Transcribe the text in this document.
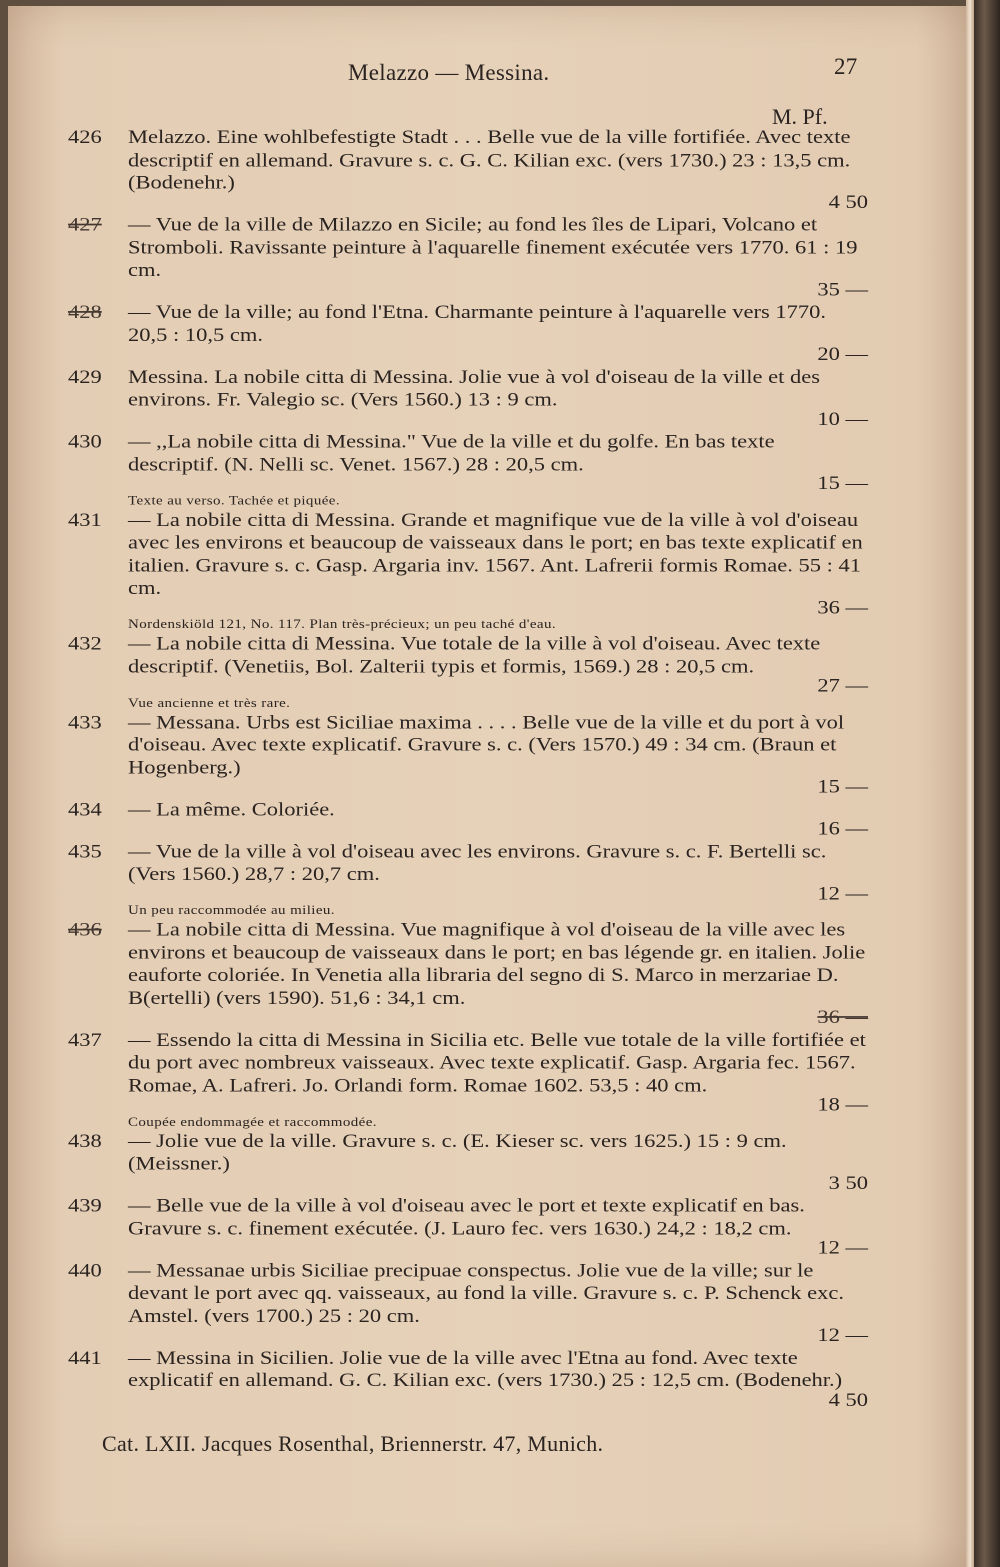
Melazzo — Messina.	27
M. Pf.
426	Melazzo. Eine wohlbefestigte Stadt . . . Belle vue de la ville fortifiée. Avec texte descriptif en allemand. Gravure s. c. G. C. Kilian exc. (vers 1730.) 23 : 13,5 cm. (Bodenehr.)
4 50
427	— Vue de la ville de Milazzo en Sicile; au fond les îles de Lipari, Volcano et Stromboli. Ravissante peinture à l'aquarelle finement exécutée vers 1770. 61 : 19 cm.
35 —
428	— Vue de la ville; au fond l'Etna. Charmante peinture à l'aquarelle vers 1770. 20,5 : 10,5 cm.
20 —
429	Messina. La nobile citta di Messina. Jolie vue à vol d'oiseau de la ville et des environs. Fr. Valegio sc. (Vers 1560.) 13 : 9 cm.
10 —
430	— ,,La nobile citta di Messina." Vue de la ville et du golfe. En bas texte descriptif. (N. Nelli sc. Venet. 1567.) 28 : 20,5 cm.
15 —
Texte au verso. Tachée et piquée.
431	— La nobile citta di Messina. Grande et magnifique vue de la ville à vol d'oiseau avec les environs et beaucoup de vaisseaux dans le port; en bas texte explicatif en italien. Gravure s. c. Gasp. Argaria inv. 1567. Ant. Lafrerii formis Romae. 55 : 41 cm.
36 —
Nordenskiöld 121, No. 117. Plan très-précieux; un peu taché d'eau.
432	— La nobile citta di Messina. Vue totale de la ville à vol d'oiseau. Avec texte descriptif. (Venetiis, Bol. Zalterii typis et formis, 1569.) 28 : 20,5 cm.
27 —
Vue ancienne et très rare.
433	— Messana. Urbs est Siciliae maxima . . . . Belle vue de la ville et du port à vol d'oiseau. Avec texte explicatif. Gravure s. c. (Vers 1570.) 49 : 34 cm. (Braun et Hogenberg.)
15 —
434	— La même. Coloriée.
16 —
435	— Vue de la ville à vol d'oiseau avec les environs. Gravure s. c. F. Bertelli sc. (Vers 1560.) 28,7 : 20,7 cm.
12 —
Un peu raccommodée au milieu.
436	— La nobile citta di Messina. Vue magnifique à vol d'oiseau de la ville avec les environs et beaucoup de vaisseaux dans le port; en bas légende gr. en italien. Jolie eauforte coloriée. In Venetia alla libraria del segno di S. Marco in merzariae D. B(ertelli) (vers 1590). 51,6 : 34,1 cm.
36 —
437	— Essendo la citta di Messina in Sicilia etc. Belle vue totale de la ville fortifiée et du port avec nombreux vaisseaux. Avec texte explicatif. Gasp. Argaria fec. 1567. Romae, A. Lafreri. Jo. Orlandi form. Romae 1602. 53,5 : 40 cm.
18 —
Coupée endommagée et raccommodée.
438	— Jolie vue de la ville. Gravure s. c. (E. Kieser sc. vers 1625.) 15 : 9 cm. (Meissner.)
3 50
439	— Belle vue de la ville à vol d'oiseau avec le port et texte explicatif en bas. Gravure s. c. finement exécutée. (J. Lauro fec. vers 1630.) 24,2 : 18,2 cm.
12 —
440	— Messanae urbis Siciliae precipuae conspectus. Jolie vue de la ville; sur le devant le port avec qq. vaisseaux, au fond la ville. Gravure s. c. P. Schenck exc. Amstel. (vers 1700.) 25 : 20 cm.
12 —
441	— Messina in Sicilien. Jolie vue de la ville avec l'Etna au fond. Avec texte explicatif en allemand. G. C. Kilian exc. (vers 1730.) 25 : 12,5 cm. (Bodenehr.)
4 50
Cat. LXII. Jacques Rosenthal, Briennerstr. 47, Munich.
